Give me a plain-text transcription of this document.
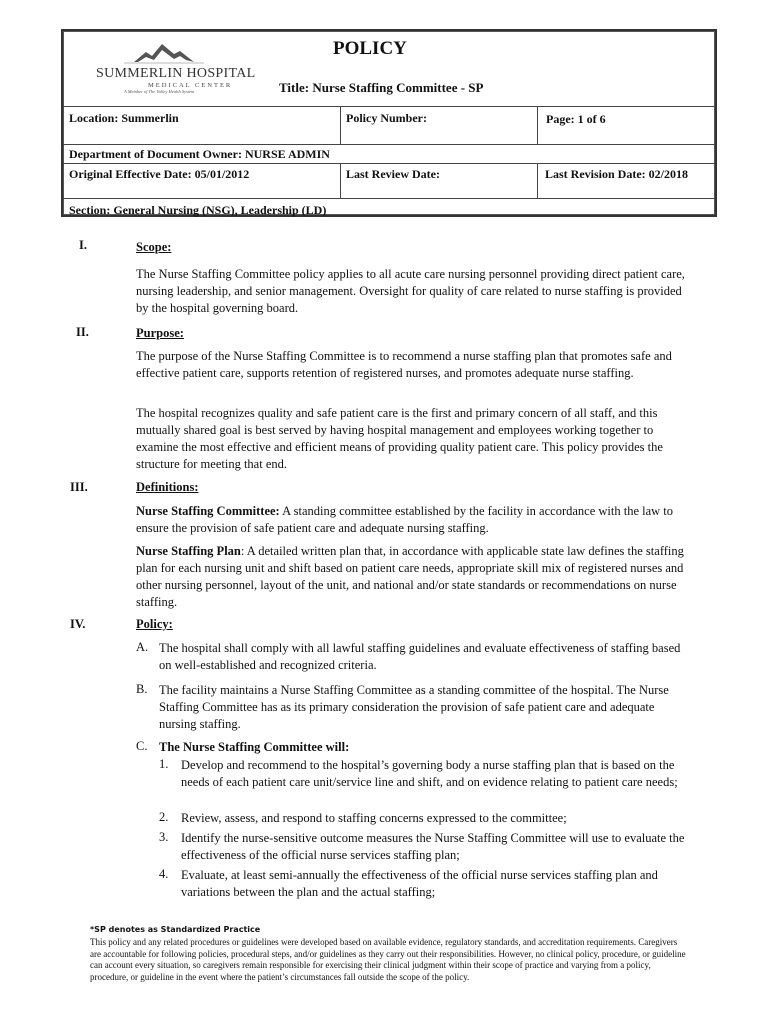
SUMMERLIN HOSPITAL
MEDICAL CENTER
A Member of The Valley Health System
POLICY
Title: Nurse Staffing Committee - SP
Location: Summerlin	Policy Number:	Page: 1 of 6
Department of Document Owner: NURSE ADMIN
Original Effective Date: 05/01/2012	Last Review Date:	Last Revision Date: 02/2018
Section: General Nursing (NSG), Leadership (LD)
I.	Scope:
The Nurse Staffing Committee policy applies to all acute care nursing personnel providing direct patient care, nursing leadership, and senior management. Oversight for quality of care related to nurse staffing is provided by the hospital governing board.
II.	Purpose:
The purpose of the Nurse Staffing Committee is to recommend a nurse staffing plan that promotes safe and effective patient care, supports retention of registered nurses, and promotes adequate nurse staffing.
The hospital recognizes quality and safe patient care is the first and primary concern of all staff, and this mutually shared goal is best served by having hospital management and employees working together to examine the most effective and efficient means of providing quality patient care. This policy provides the structure for meeting that end.
III.	Definitions:
Nurse Staffing Committee: A standing committee established by the facility in accordance with the law to ensure the provision of safe patient care and adequate nursing staffing.
Nurse Staffing Plan: A detailed written plan that, in accordance with applicable state law defines the staffing plan for each nursing unit and shift based on patient care needs, appropriate skill mix of registered nurses and other nursing personnel, layout of the unit, and national and/or state standards or recommendations on nurse staffing.
IV.	Policy:
A. The hospital shall comply with all lawful staffing guidelines and evaluate effectiveness of staffing based on well-established and recognized criteria.
B. The facility maintains a Nurse Staffing Committee as a standing committee of the hospital. The Nurse Staffing Committee has as its primary consideration the provision of safe patient care and adequate nursing staffing.
C. The Nurse Staffing Committee will:
1. Develop and recommend to the hospital’s governing body a nurse staffing plan that is based on the needs of each patient care unit/service line and shift, and on evidence relating to patient care needs;
2. Review, assess, and respond to staffing concerns expressed to the committee;
3. Identify the nurse-sensitive outcome measures the Nurse Staffing Committee will use to evaluate the effectiveness of the official nurse services staffing plan;
4. Evaluate, at least semi-annually the effectiveness of the official nurse services staffing plan and variations between the plan and the actual staffing;
*SP denotes as Standardized Practice
This policy and any related procedures or guidelines were developed based on available evidence, regulatory standards, and accreditation requirements. Caregivers are accountable for following policies, procedural steps, and/or guidelines as they carry out their responsibilities. However, no clinical policy, procedure, or guideline can account every situation, so caregivers remain responsible for exercising their clinical judgment within their scope of practice and varying from a policy, procedure, or guideline in the event where the patient’s circumstances fall outside the scope of the policy.
